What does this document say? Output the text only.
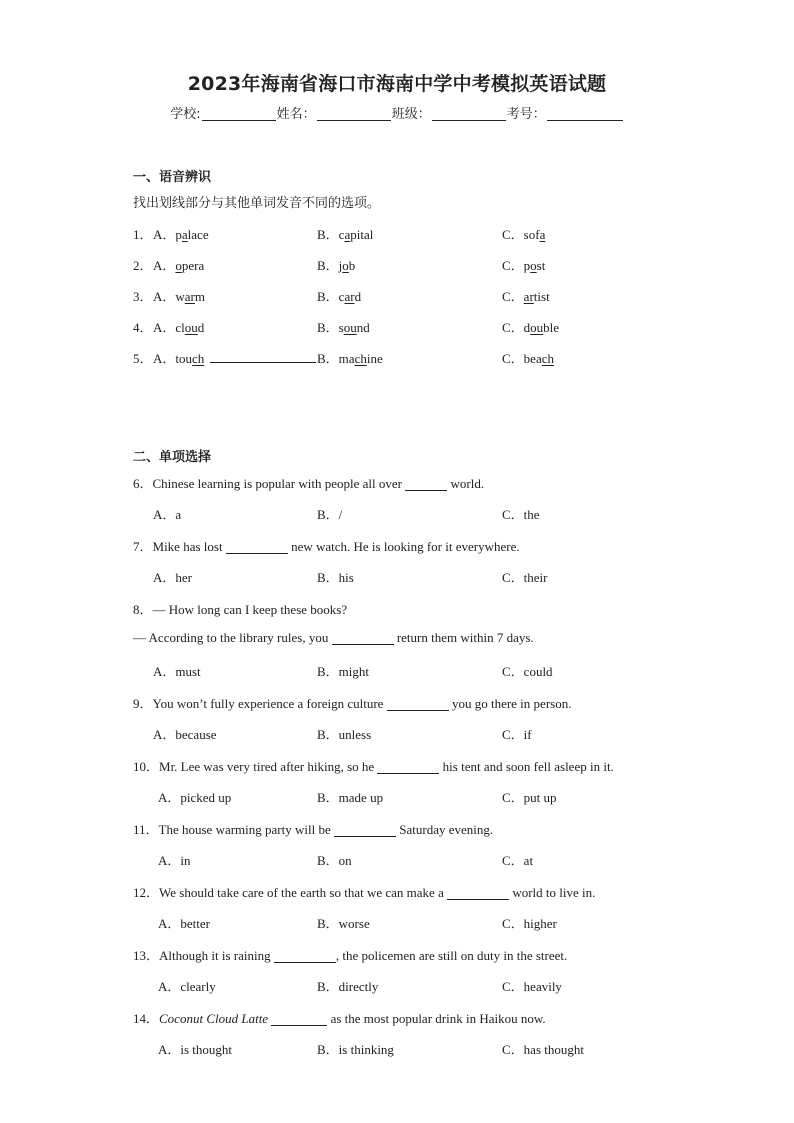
2023年海南省海口市海南中学中考模拟英语试题
学校:	姓名：	班级：	考号：
一、语音辨识
找出划线部分与其他单词发音不同的选项。
1． A．palace	B．capital	C．sofa
2． A．opera	B．job	C．post
3． A．warm	B．card	C．artist
4． A．cloud	B．sound	C．double
5． A．touch	B．machine	C．beach
二、单项选择
6．Chinese learning is popular with people all over	world.
A．a	B．/	C．the
7．Mike has lost	new watch. He is looking for it everywhere.
A．her	B．his	C．their
8．— How long can I keep these books?
— According to the library rules, you	return them within 7 days.
A．must	B．might	C．could
9．You won’t fully experience a foreign culture	you go there in person.
A．because	B．unless	C．if
10．Mr. Lee was very tired after hiking, so he	his tent and soon fell asleep in it.
A．picked up	B．made up	C．put up
11．The house warming party will be	Saturday evening.
A．in	B．on	C．at
12．We should take care of the earth so that we can make a	world to live in.
A．better	B．worse	C．higher
13．Although it is raining	, the policemen are still on duty in the street.
A．clearly	B．directly	C．heavily
14．Coconut Cloud Latte	as the most popular drink in Haikou now.
A．is thought	B．is thinking	C．has thought
